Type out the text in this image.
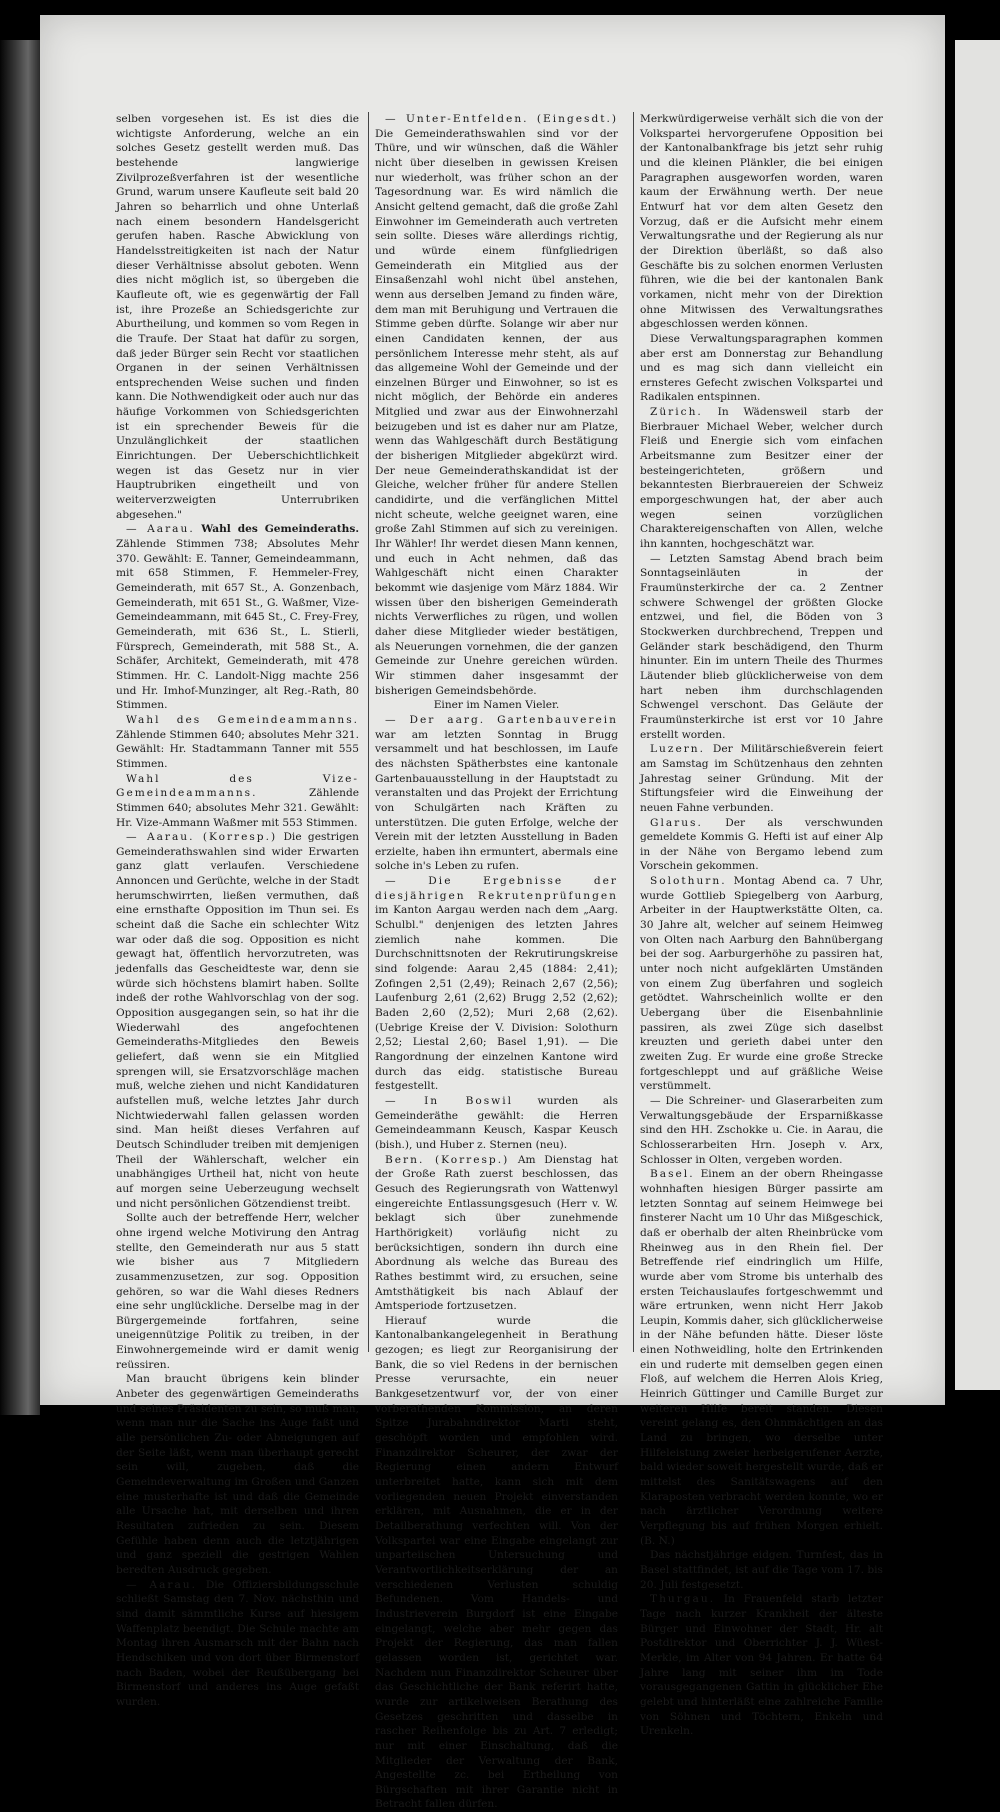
selben vorgesehen ist. Es ist dies die wichtigste Anforderung, welche an ein solches Gesetz gestellt werden muß. Das bestehende langwierige Zivilprozeßverfahren ist der wesentliche Grund, warum unsere Kaufleute seit bald 20 Jahren so beharrlich und ohne Unterlaß nach einem besondern Handelsgericht gerufen haben. Rasche Abwicklung von Handelsstreitigkeiten ist nach der Natur dieser Verhältnisse absolut geboten. Wenn dies nicht möglich ist, so übergeben die Kaufleute oft, wie es gegenwärtig der Fall ist, ihre Prozeße an Schiedsgerichte zur Aburtheilung, und kommen so vom Regen in die Traufe. Der Staat hat dafür zu sorgen, daß jeder Bürger sein Recht vor staatlichen Organen in der seinen Verhältnissen entsprechenden Weise suchen und finden kann. Die Nothwendigkeit oder auch nur das häufige Vorkommen von Schiedsgerichten ist ein sprechender Beweis für die Unzulänglichkeit der staatlichen Einrichtungen. Der Ueberschichtlichkeit wegen ist das Gesetz nur in vier Hauptrubriken eingetheilt und von weiterverzweigten Unterrubriken abgesehen."

— Aarau. Wahl des Gemeinderaths. Zählende Stimmen 738; Absolutes Mehr 370. Gewählt: E. Tanner, Gemeindeammann, mit 658 Stimmen, F. Hemmeler-Frey, Gemeinderath, mit 657 St., A. Gonzenbach, Gemeinderath, mit 651 St., G. Waßmer, Vize-Gemeindeammann, mit 645 St., C. Frey-Frey, Gemeinderath, mit 636 St., L. Stierli, Fürsprech, Gemeinderath, mit 588 St., A. Schäfer, Architekt, Gemeinderath, mit 478 Stimmen. Hr. C. Landolt-Nigg machte 256 und Hr. Imhof-Munzinger, alt Reg.-Rath, 80 Stimmen.

Wahl des Gemeindeammanns. Zählende Stimmen 640; absolutes Mehr 321. Gewählt: Hr. Stadtammann Tanner mit 555 Stimmen.

Wahl des Vize-Gemeindeammanns.	Zählende Stimmen 640; absolutes Mehr 321. Gewählt: Hr. Vize-Ammann Waßmer mit 553 Stimmen.

— Aarau. (Korresp.) Die gestrigen Gemeinderathswahlen sind wider Erwarten ganz glatt verlaufen. Verschiedene Annoncen und Gerüchte, welche in der Stadt herumschwirrten, ließen vermuthen, daß eine ernsthafte Opposition im Thun sei. Es scheint daß die Sache ein schlechter Witz war oder daß die sog. Opposition es nicht gewagt hat, öffentlich hervorzutreten, was jedenfalls das Gescheidteste war, denn sie würde sich höchstens blamirt haben. Sollte indeß der rothe Wahlvorschlag von der sog. Opposition ausgegangen sein, so hat ihr die Wiederwahl des angefochtenen Gemeinderaths-Mitgliedes den Beweis geliefert, daß wenn sie ein Mitglied sprengen will, sie Ersatzvorschläge machen muß, welche ziehen und nicht Kandidaturen aufstellen muß, welche letztes Jahr durch Nichtwiederwahl fallen gelassen worden sind. Man heißt dieses Verfahren auf Deutsch Schindluder treiben mit demjenigen Theil der Wählerschaft, welcher ein unabhängiges Urtheil hat, nicht von heute auf morgen seine Ueberzeugung wechselt und nicht persönlichen Götzendienst treibt.

Sollte auch der betreffende Herr, welcher ohne irgend welche Motivirung den Antrag stellte, den Gemeinderath nur aus 5 statt wie bisher aus 7 Mitgliedern zusammenzusetzen, zur sog. Opposition gehören, so war die Wahl dieses Redners eine sehr unglückliche. Derselbe mag in der Bürgergemeinde fortfahren, seine uneigennützige Politik zu treiben, in der Einwohnergemeinde wird er damit wenig reüssiren.

Man braucht übrigens kein blinder Anbeter des gegenwärtigen Gemeinderaths und seines Präsidenten zu sein, so muß man, wenn man nur die Sache ins Auge faßt und alle persönlichen Zu- oder Abneigungen auf der Seite läßt, wenn man überhaupt gerecht sein will, zugeben, daß die Gemeindeverwaltung im Großen und Ganzen eine musterhafte ist und daß die Gemeinde alle Ursache hat, mit derselben und ihren Resultaten zufrieden zu sein. Diesem Gefühle haben denn auch die letztjährigen und ganz speziell die gestrigen Wahlen beredten Ausdruck gegeben.

— Aarau. Die Offiziersbildungsschule schließt Samstag den 7. Nov. nächsthin und sind damit sämmtliche Kurse auf hiesigem Waffenplatz beendigt. Die Schule machte am Montag ihren Ausmarsch mit der Bahn nach Hendschiken und von dort über Birmenstorf nach Baden, wobei der Reußübergang bei Birmenstorf und anderes ins Auge gefaßt wurden.

— Unter-Entfelden. (Eingesdt.) Die Gemeinderathswahlen sind vor der Thüre, und wir wünschen, daß die Wähler nicht über dieselben in gewissen Kreisen nur wiederholt, was früher schon an der Tagesordnung war. Es wird nämlich die Ansicht geltend gemacht, daß die große Zahl Einwohner im Gemeinderath auch vertreten sein sollte. Dieses wäre allerdings richtig, und würde einem fünfgliedrigen Gemeinderath ein Mitglied aus der Einsaßenzahl wohl nicht übel anstehen, wenn aus derselben Jemand zu finden wäre, dem man mit Beruhigung und Vertrauen die Stimme geben dürfte. Solange wir aber nur einen Candidaten kennen, der aus persönlichem Interesse mehr steht, als auf das allgemeine Wohl der Gemeinde und der einzelnen Bürger und Einwohner, so ist es nicht möglich, der Behörde ein anderes Mitglied und zwar aus der Einwohnerzahl beizugeben und ist es daher nur am Platze, wenn das Wahlgeschäft durch Bestätigung der bisherigen Mitglieder abgekürzt wird. Der neue Gemeinderathskandidat ist der Gleiche, welcher früher für andere Stellen candidirte, und die verfänglichen Mittel nicht scheute, welche geeignet waren, eine große Zahl Stimmen auf sich zu vereinigen. Ihr Wähler! Ihr werdet diesen Mann kennen, und euch in Acht nehmen, daß das Wahlgeschäft nicht einen Charakter bekommt wie dasjenige vom März 1884. Wir wissen über den bisherigen Gemeinderath nichts Verwerfliches zu rügen, und wollen daher diese Mitglieder wieder bestätigen, als Neuerungen vornehmen, die der ganzen Gemeinde zur Unehre gereichen würden. Wir stimmen daher insgesammt der bisherigen Gemeindsbehörde.

Einer im Namen Vieler.

— Der aarg. Gartenbauverein war am letzten Sonntag in Brugg versammelt und hat beschlossen, im Laufe des nächsten Spätherbstes eine kantonale Gartenbauausstellung in der Hauptstadt zu veranstalten und das Projekt der Errichtung von Schulgärten nach Kräften zu unterstützen. Die guten Erfolge, welche der Verein mit der letzten Ausstellung in Baden erzielte, haben ihn ermuntert, abermals eine solche in's Leben zu rufen.

— Die Ergebnisse der diesjährigen Rekrutenprüfungen im Kanton Aargau werden nach dem „Aarg. Schulbl." denjenigen des letzten Jahres ziemlich nahe kommen. Die Durchschnittsnoten der Rekrutirungskreise sind folgende: Aarau 2,45 (1884: 2,41); Zofingen 2,51 (2,49); Reinach 2,67 (2,56); Laufenburg 2,61 (2,62) Brugg 2,52 (2,62); Baden 2,60 (2,52); Muri 2,68 (2,62). (Uebrige Kreise der V. Division: Solothurn 2,52; Liestal 2,60; Basel 1,91). — Die Rangordnung der einzelnen Kantone wird durch das eidg. statistische Bureau festgestellt.

— In Boswil wurden als Gemeinderäthe gewählt: die Herren Gemeindeammann Keusch, Kaspar Keusch (bish.), und Huber z. Sternen (neu).

Bern. (Korresp.) Am Dienstag hat der Große Rath zuerst beschlossen, das Gesuch des Regierungsrath von Wattenwyl eingereichte Entlassungsgesuch (Herr v. W. beklagt sich über zunehmende Harthörigkeit) vorläufig nicht zu berücksichtigen, sondern ihn durch eine Abordnung als welche das Bureau des Rathes bestimmt wird, zu ersuchen, seine Amtsthätigkeit bis nach Ablauf der Amtsperiode fortzusetzen.

Hierauf wurde die Kantonalbankangelegenheit in Berathung gezogen; es liegt zur Reorganisirung der Bank, die so viel Redens in der bernischen Presse verursachte, ein neuer Bankgesetzentwurf vor, der von einer vorberathenden Kommission, an deren Spitze Jurabahndirektor Marti steht, geschöpft worden und empfohlen wird. Finanzdirektor Scheurer, der zwar der Regierung einen andern Entwurf unterbreitet hatte, kann sich mit dem vorliegenden neuen Projekt einverstanden erklären, mit Ausnahmen, die er in der Detailberathung verfechten will. Von der Volkspartei war eine Eingabe eingelangt zur unparteiischen Untersuchung und Verantwortlichkeitserklärung der an verschiedenen Verlusten schuldig Befundenen. Vom Handels- und Industrieverein Burgdorf ist eine Eingabe eingelangt, welche aber mehr gegen das Projekt der Regierung, das man fallen gelassen worden ist, gerichtet war. Nachdem nun Finanzdirektor Scheurer über das Geschichtliche der Bank referirt hatte, wurde zur artikelweisen Berathung des Gesetzes geschritten und dasselbe in rascher Reihenfolge bis zu Art. 7 erledigt; nur mit einer Einschaltung, daß die Mitglieder der Verwaltung der Bank, Angestellte zc. bei Ertheilung von Bürgschaften mit ihrer Garantie nicht in Betracht fallen dürfen.

Merkwürdigerweise verhält sich die von der Volkspartei hervorgerufene Opposition bei der Kantonalbankfrage bis jetzt sehr ruhig und die kleinen Plänkler, die bei einigen Paragraphen ausgeworfen worden, waren kaum der Erwähnung werth. Der neue Entwurf hat vor dem alten Gesetz den Vorzug, daß er die Aufsicht mehr einem Verwaltungsrathe und der Regierung als nur der Direktion überläßt, so daß also Geschäfte bis zu solchen enormen Verlusten führen, wie die bei der kantonalen Bank vorkamen, nicht mehr von der Direktion ohne Mitwissen des Verwaltungsrathes abgeschlossen werden können.

Diese Verwaltungsparagraphen kommen aber erst am Donnerstag zur Behandlung und es mag sich dann vielleicht ein ernsteres Gefecht zwischen Volkspartei und Radikalen entspinnen.

Zürich. In Wädensweil starb der Bierbrauer Michael Weber, welcher durch Fleiß und Energie sich vom einfachen Arbeitsmanne zum Besitzer einer der besteingerichteten, größern und bekanntesten Bierbrauereien der Schweiz emporgeschwungen hat, der aber auch wegen seinen vorzüglichen Charaktereigenschaften von Allen, welche ihn kannten, hochgeschätzt war.

— Letzten Samstag Abend brach beim Sonntagseinläuten in der Fraumünsterkirche der ca. 2 Zentner schwere Schwengel der größten Glocke entzwei, und fiel, die Böden von 3 Stockwerken durchbrechend, Treppen und Geländer stark beschädigend, den Thurm hinunter. Ein im untern Theile des Thurmes Läutender blieb glücklicherweise von dem hart neben ihm durchschlagenden Schwengel verschont. Das Geläute der Fraumünsterkirche ist erst vor 10 Jahre erstellt worden.

Luzern. Der Militärschießverein feiert am Samstag im Schützenhaus den zehnten Jahrestag seiner Gründung. Mit der Stiftungsfeier wird die Einweihung der neuen Fahne verbunden.

Glarus. Der als verschwunden gemeldete Kommis G. Hefti ist auf einer Alp in der Nähe von Bergamo lebend zum Vorschein gekommen.

Solothurn. Montag Abend ca. 7 Uhr, wurde Gottlieb Spiegelberg von Aarburg, Arbeiter in der Hauptwerkstätte Olten, ca. 30 Jahre alt, welcher auf seinem Heimweg von Olten nach Aarburg den Bahnübergang bei der sog. Aarburgerhöhe zu passiren hat, unter noch nicht aufgeklärten Umständen von einem Zug überfahren und sogleich getödtet. Wahrscheinlich wollte er den Uebergang über die Eisenbahnlinie passiren, als zwei Züge sich daselbst kreuzten und gerieth dabei unter den zweiten Zug. Er wurde eine große Strecke fortgeschleppt und auf gräßliche Weise verstümmelt.

— Die Schreiner- und Glaserarbeiten zum Verwaltungsgebäude der Ersparnißkasse sind den HH. Zschokke u. Cie. in Aarau, die Schlosserarbeiten Hrn. Joseph v. Arx, Schlosser in Olten, vergeben worden.

Basel. Einem an der obern Rheingasse wohnhaften hiesigen Bürger passirte am letzten Sonntag auf seinem Heimwege bei finsterer Nacht um 10 Uhr das Mißgeschick, daß er oberhalb der alten Rheinbrücke vom Rheinweg aus in den Rhein fiel. Der Betreffende rief eindringlich um Hilfe, wurde aber vom Strome bis unterhalb des ersten Teichauslaufes fortgeschwemmt und wäre ertrunken, wenn nicht Herr Jakob Leupin, Kommis daher, sich glücklicherweise in der Nähe befunden hätte. Dieser löste einen Nothweidling, holte den Ertrinkenden ein und ruderte mit demselben gegen einen Floß, auf welchem die Herren Alois Krieg, Heinrich Güttinger und Camille Burget zur weiteren Hilfe bereit standen. Diesen vereint gelang es, den Ohnmächtigen an das Land zu bringen, wo derselbe unter Hilfeleistung zweier herbeigerufener Aerzte, bald wieder soweit hergestellt wurde, daß er mittelst des Sanitätswagens auf den Klaraposten verbracht werden konnte, wo er nach ärztlicher Verordnung weitere Verpflegung bis auf frühen Morgen erhielt. (B. N.)

Das nächstjährige eidgen. Turnfest, das in Basel stattfindet, ist auf die Tage vom 17. bis 20. Juli festgesetzt.

Thurgau. In Frauenfeld starb letzter Tage nach kurzer Krankheit der älteste Bürger und Einwohner der Stadt, Hr. alt Postdirektor und Oberrichter J. J. Wüest-Merkle, im Alter von 94 Jahren. Er hatte 64 Jahre lang mit seiner ihm im Tode vorausgegangenen Gattin in glücklicher Ehe gelebt und hinterläßt eine zahlreiche Familie von Söhnen und Töchtern, Enkeln und Urenkeln.
